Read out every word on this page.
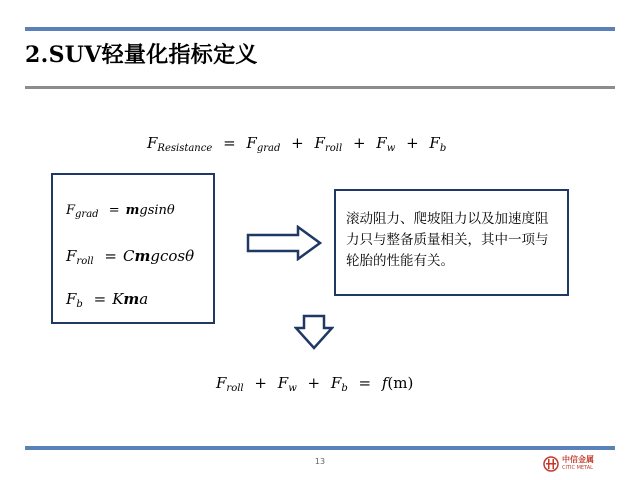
2.SUV轻量化指标定义
$F_{Resistance} = F_{grad} + F_{roll} + F_w + F_b$
$F_{grad} = mgsin\theta$
$F_{roll} = Cmgcos\theta$
$F_b$ = Kma
滚动阻力、爬坡阻力以及加速度阻力只与整备质量相关，其中一项与轮胎的性能有关。
$F_{roll} + F_w + F_b = f(m)$
13	中信金属
CITIC METAL
